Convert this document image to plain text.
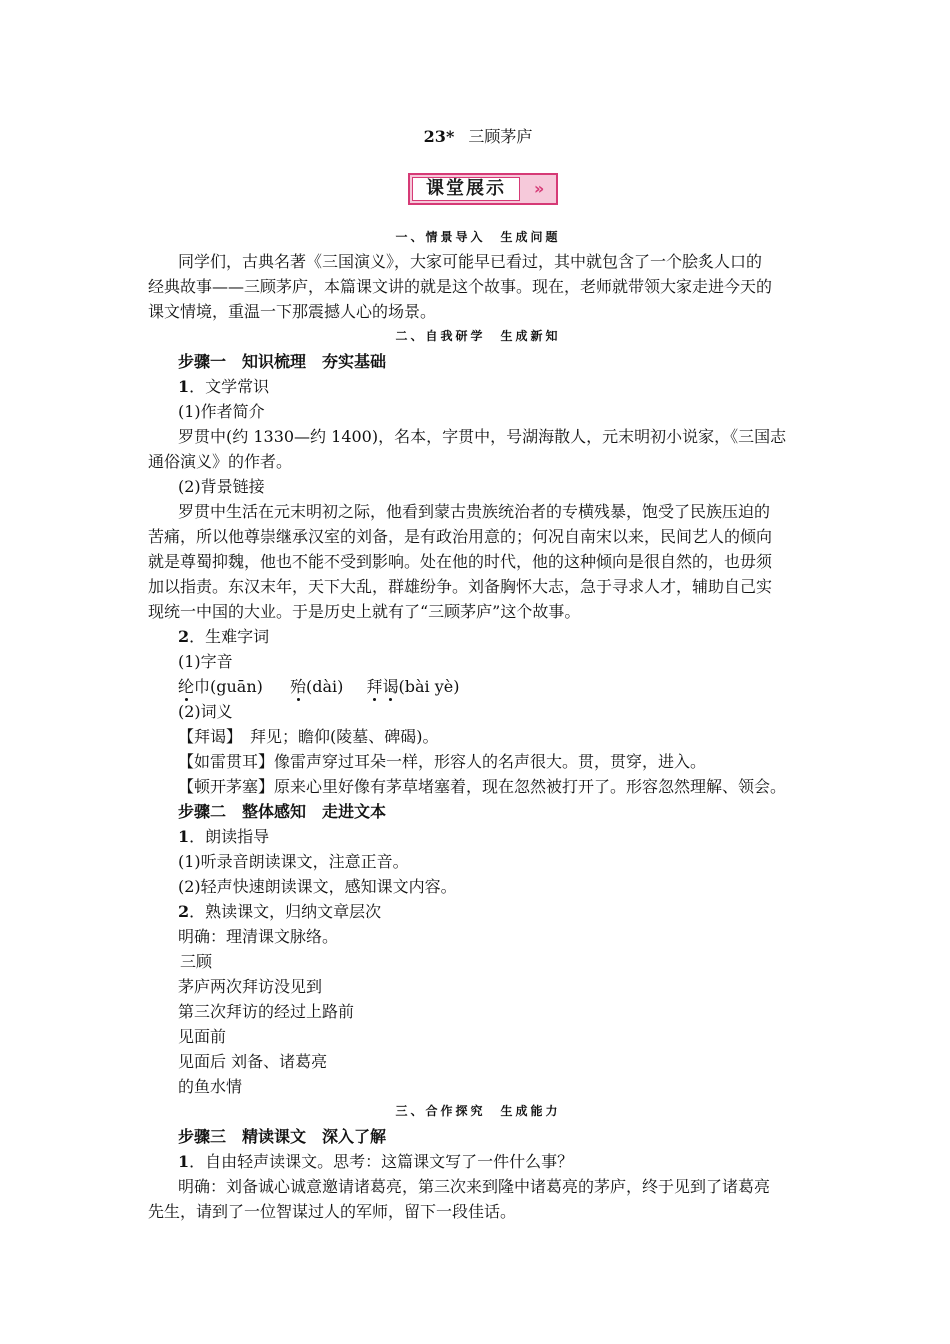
23* 三顾茅庐
课堂展示	»
一、情景导入　生成问题
同学们，古典名著《三国演义》，大家可能早已看过，其中就包含了一个脍炙人口的
经典故事——三顾茅庐，本篇课文讲的就是这个故事。现在，老师就带领大家走进今天的
课文情境，重温一下那震撼人心的场景。
二、自我研学　生成新知
步骤一　知识梳理　夯实基础
1．文学常识
(1)作者简介
罗贯中(约 1330—约 1400)，名本，字贯中，号湖海散人，元末明初小说家，《三国志
通俗演义》的作者。
(2)背景链接
罗贯中生活在元末明初之际，他看到蒙古贵族统治者的专横残暴，饱受了民族压迫的
苦痛，所以他尊崇继承汉室的刘备，是有政治用意的；何况自南宋以来，民间艺人的倾向
就是尊蜀抑魏，他也不能不受到影响。处在他的时代，他的这种倾向是很自然的，也毋须
加以指责。东汉末年，天下大乱，群雄纷争。刘备胸怀大志，急于寻求人才，辅助自己实
现统一中国的大业。于是历史上就有了“三顾茅庐”这个故事。
2．生难字词
(1)字音
纶巾(guān) 殆(dài) 拜谒(bài yè)
(2)词义
【拜谒】　拜见；瞻仰(陵墓、碑碣)。
【如雷贯耳】像雷声穿过耳朵一样，形容人的名声很大。贯，贯穿，进入。
【顿开茅塞】原来心里好像有茅草堵塞着，现在忽然被打开了。形容忽然理解、领会。
步骤二　整体感知　走进文本
1．朗读指导
(1)听录音朗读课文，注意正音。
(2)轻声快速朗读课文，感知课文内容。
2．熟读课文，归纳文章层次
明确：理清课文脉络。
三顾
茅庐两次拜访没见到
第三次拜访的经过上路前
见面前
见面后 刘备、诸葛亮
的鱼水情
三、合作探究　生成能力
步骤三　精读课文　深入了解
1．自由轻声读课文。思考：这篇课文写了一件什么事？
明确：刘备诚心诚意邀请诸葛亮，第三次来到隆中诸葛亮的茅庐，终于见到了诸葛亮
先生，请到了一位智谋过人的军师，留下一段佳话。
